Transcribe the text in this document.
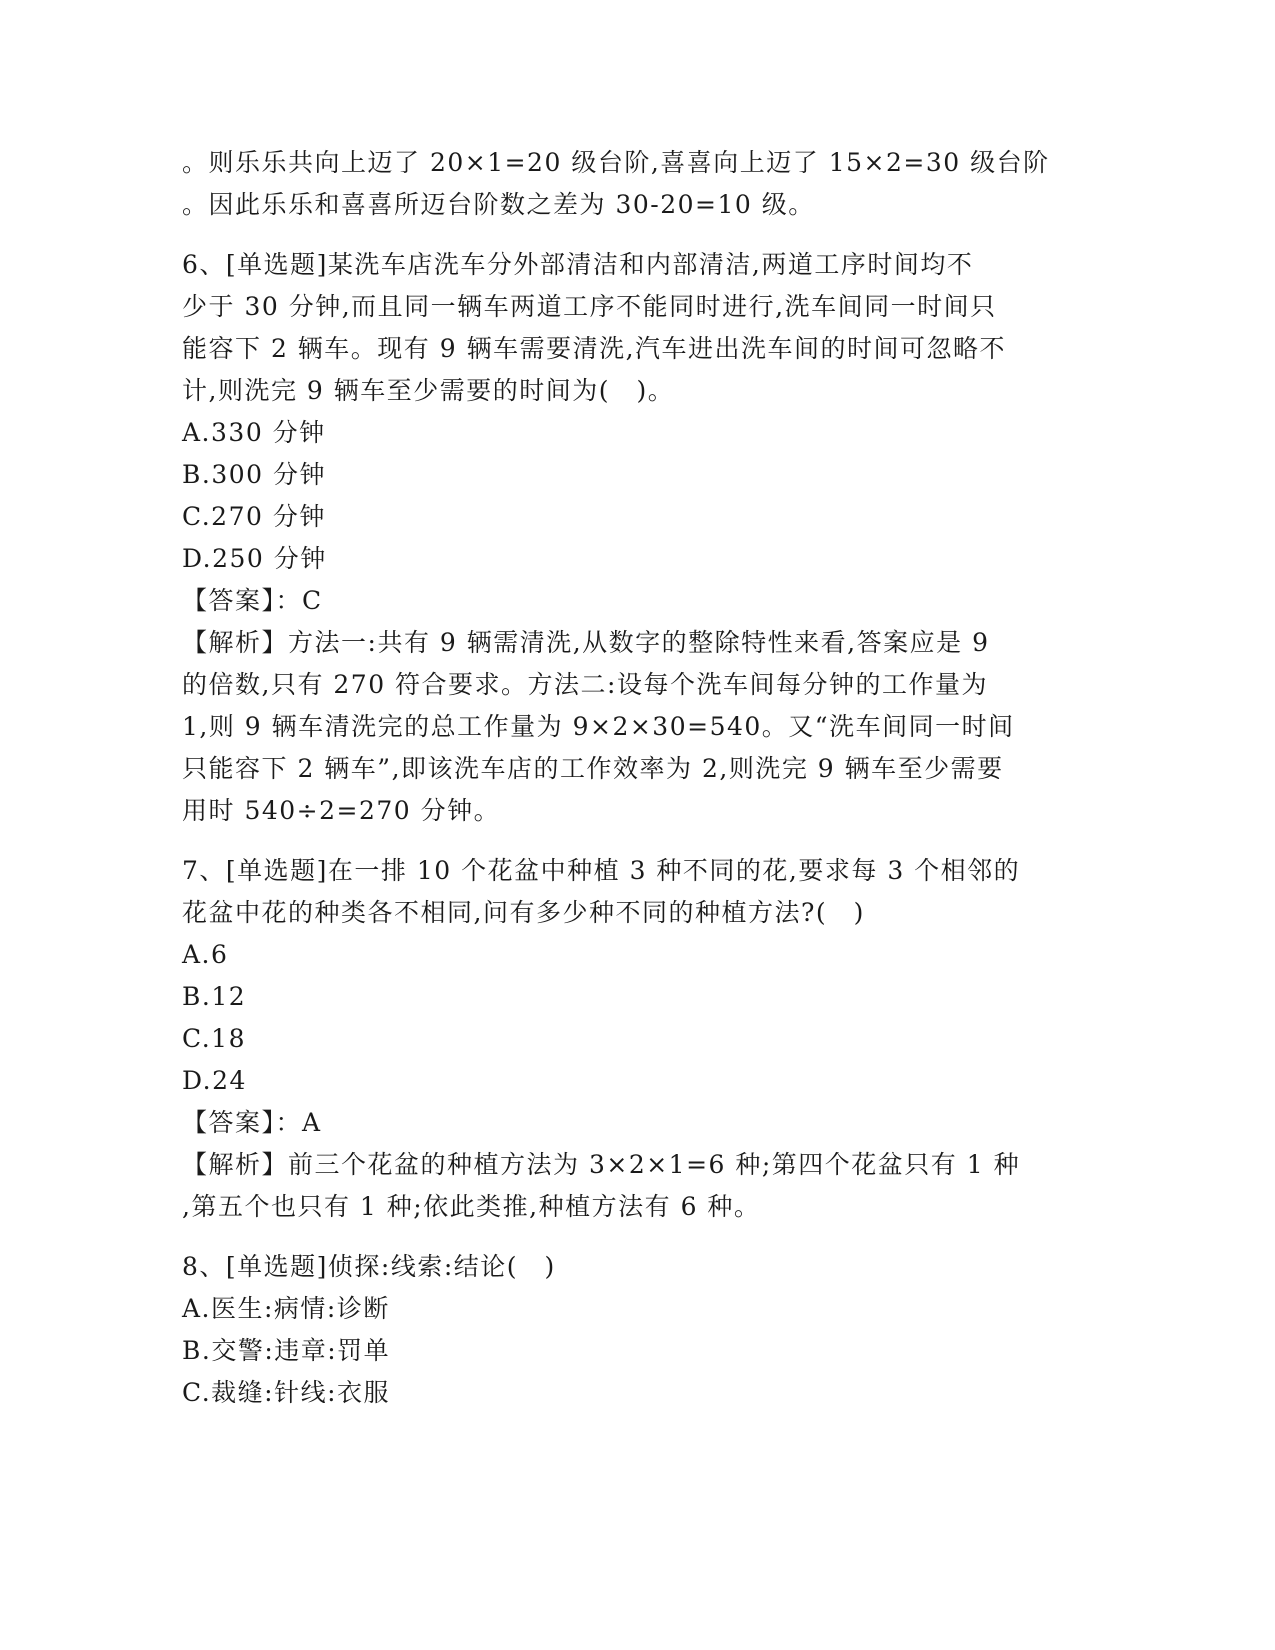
。则乐乐共向上迈了 20×1=20 级台阶,喜喜向上迈了 15×2=30 级台阶
。因此乐乐和喜喜所迈台阶数之差为 30-20=10 级。
6、[单选题]某洗车店洗车分外部清洁和内部清洁,两道工序时间均不
少于 30 分钟,而且同一辆车两道工序不能同时进行,洗车间同一时间只
能容下 2 辆车。现有 9 辆车需要清洗,汽车进出洗车间的时间可忽略不
计,则洗完 9 辆车至少需要的时间为(　)。
A.330 分钟
B.300 分钟
C.270 分钟
D.250 分钟
【答案】：C
【解析】方法一:共有 9 辆需清洗,从数字的整除特性来看,答案应是 9
的倍数,只有 270 符合要求。方法二:设每个洗车间每分钟的工作量为
1,则 9 辆车清洗完的总工作量为 9×2×30=540。又“洗车间同一时间
只能容下 2 辆车”,即该洗车店的工作效率为 2,则洗完 9 辆车至少需要
用时 540÷2=270 分钟。
7、[单选题]在一排 10 个花盆中种植 3 种不同的花,要求每 3 个相邻的
花盆中花的种类各不相同,问有多少种不同的种植方法?(　)
A.6
B.12
C.18
D.24
【答案】：A
【解析】前三个花盆的种植方法为 3×2×1=6 种;第四个花盆只有 1 种
,第五个也只有 1 种;依此类推,种植方法有 6 种。
8、[单选题]侦探:线索:结论(　)
A.医生:病情:诊断
B.交警:违章:罚单
C.裁缝:针线:衣服
